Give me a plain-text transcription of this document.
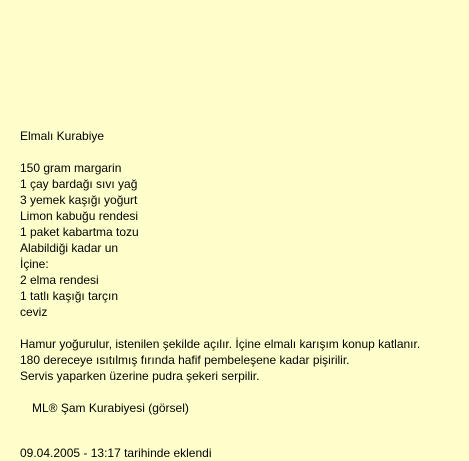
Elmalı Kurabiye
150 gram margarin
1 çay bardağı sıvı yağ
3 yemek kaşığı yoğurt
Limon kabuğu rendesi
1 paket kabartma tozu
Alabildiği kadar un
İçine:
2 elma rendesi
1 tatlı kaşığı tarçın
ceviz
Hamur yoğurulur, istenilen şekilde açılır. İçine elmalı karışım konup katlanır.
180 dereceye ısıtılmış fırında hafif pembeleşene kadar pişirilir.
Servis yaparken üzerine pudra şekeri serpilir.
ML® Şam Kurabiyesi (görsel)
09.04.2005 - 13:17 tarihinde eklendi
